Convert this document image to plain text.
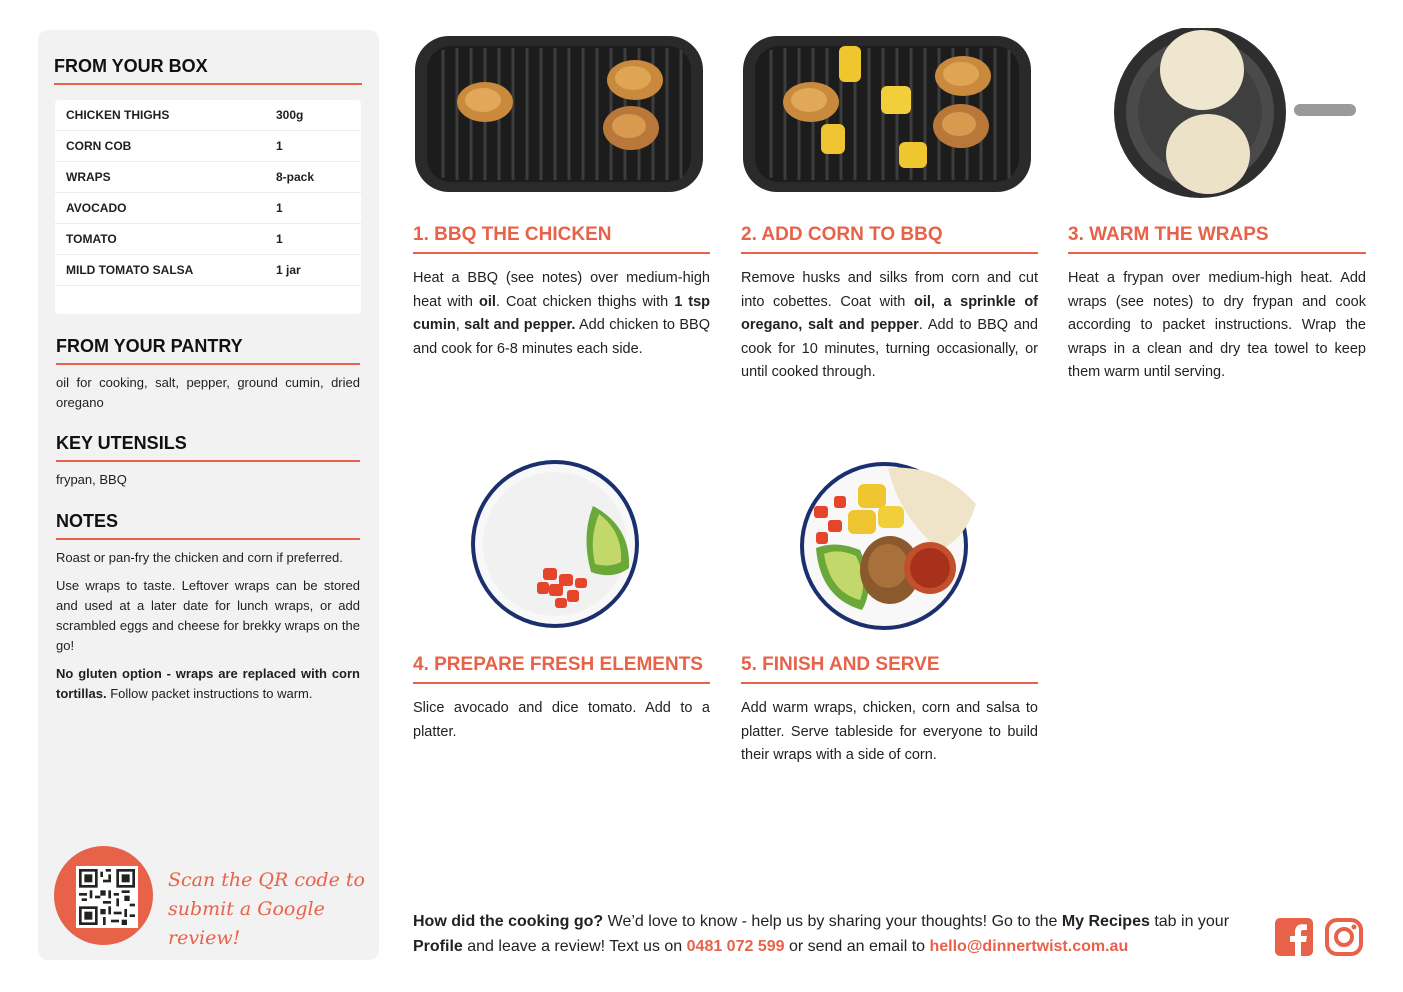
FROM YOUR BOX
CHICKEN THIGHS	300g
CORN COB	1
WRAPS	8-pack
AVOCADO	1
TOMATO	1
MILD TOMATO SALSA	1 jar
FROM YOUR PANTRY
oil for cooking, salt, pepper, ground cumin, dried oregano
KEY UTENSILS
frypan, BBQ
NOTES

Roast or pan-fry the chicken and corn if preferred.

Use wraps to taste. Leftover wraps can be stored and used at a later date for lunch wraps, or add scrambled eggs and cheese for brekky wraps on the go!

No gluten option - wraps are replaced with corn tortillas. Follow packet instructions to warm.

Scan the QR code to
submit a Google review!
1. BBQ THE CHICKEN	2. ADD CORN TO BBQ	3. WARM THE WRAPS
4. PREPARE FRESH ELEMENTS	5. FINISH AND SERVE
Heat a BBQ (see notes) over medium-high heat with oil. Coat chicken thighs with 1 tsp cumin, salt and pepper. Add chicken to BBQ and cook for 6-8 minutes each side.
Remove husks and silks from corn and cut into cobettes. Coat with oil, a sprinkle of oregano, salt and pepper. Add to BBQ and cook for 10 minutes, turning occasionally, or until cooked through.
Heat a frypan over medium-high heat. Add wraps (see notes) to dry frypan and cook according to packet instructions. Wrap the wraps in a clean and dry tea towel to keep them warm until serving.
Slice avocado and dice tomato. Add to a platter.
Add warm wraps, chicken, corn and salsa to platter. Serve tableside for everyone to build their wraps with a side of corn.
How did the cooking go? We’d love to know - help us by sharing your thoughts! Go to the My Recipes tab in your Profile and leave a review! Text us on 0481 072 599 or send an email to hello@dinnertwist.com.au
